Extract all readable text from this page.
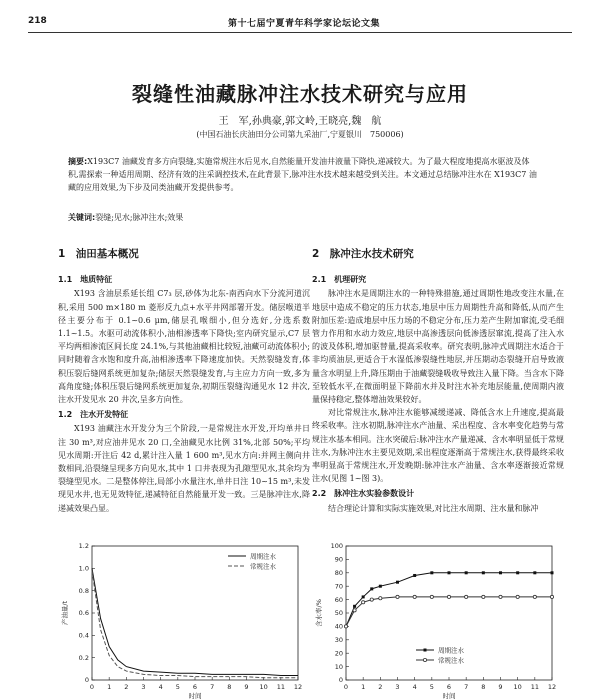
218	第十七届宁夏青年科学家论坛论文集
裂缝性油藏脉冲注水技术研究与应用
王　军,孙典豪,郭文岭,王晓亮,魏　航
(中国石油长庆油田分公司第九采油厂,宁夏银川　750006)
摘要:X193C7 油藏发育多方向裂缝,实施常规注水后见水,自然能量开发油井液量下降快,递减较大。为了最大程度地提高水驱波及体积,需探索一种适用周期、经济有效的注采调控技术,在此背景下,脉冲注水技术越来越受到关注。本文通过总结脉冲注水在 X193C7 油藏的应用效果,为下步及同类油藏开发提供参考。
关键词:裂缝;见水;脉冲注水;效果
1　油田基本概况
1.1　地质特征

X193 含油层系延长组 C7₃ 层,砂体为北东-南西向水下分流河道沉积,采用 500 m×180 m 菱形反九点+水平井网部署开发。储层喉道半径主要分布于 0.1~0.6 μm,储层孔喉细小,但分选好,分选系数 1.1~1.5。水驱可动流体积小,油相渗透率下降快;室内研究显示,C7 层平均两相渗流区间长度 24.1%,与其他油藏相比较短,油藏可动流体积小;同时随着含水饱和度升高,油相渗透率下降速度加快。天然裂缝发育,体积压裂后缝网系统更加复杂;储层天然裂缝发育,与主应力方向一致,多为高角度缝;体积压裂后缝网系统更加复杂,初期压裂缝沟通见水 12 井次,注水开发见水 20 井次,呈多方向性。

1.2　注水开发特征

X193 油藏注水开发分为三个阶段,一是常规注水开发,开均单井日注 30 m³,对应油井见水 20 口,全油藏见水比例 31%,北部 50%;平均见水周期:开注后 42 d,累计注入量 1 600 m³,见水方向:并网主侧向井数相同,沿裂缝呈现多方向见水,其中 1 口井表现为孔隙型见水,其余均为裂缝型见水。二是整体停注,局部小水量注水,单井日注 10~15 m³,未发现见水井,也无见效特征,递减特征自然能量开发一致。三是脉冲注水,降递减效果凸显。

2　脉冲注水技术研究
2.1　机理研究

脉冲注水是周期注水的一种特殊措施,通过周期性地改变注水量,在地层中造成不稳定的压力状态,地层中压力周期性升高和降低,从而产生附加压差:造成地层中压力场的不稳定分布,压力差产生附加窜流,受毛细管力作用和水动力效应,地层中高渗透层向低渗透层窜流,提高了注入水的波及体积,增加驱替量,提高采收率。研究表明,脉冲式周期注水适合于非均质油层,更适合于水湿低渗裂缝性地层,并压期动态裂缝开启导致液量含水明显上升,降压期由于油藏裂缝吸收导致注入量下降。当含水下降至较低水平,在微面明显下降前水并及时注水补充地层能量,使周期内液量保持稳定,整体增油效果较好。

对比常规注水,脉冲注水能够减缓递减、降低含水上升速度,提高最终采收率。注水初期,脉冲注水产油量、采出程度、含水率变化趋势与常规注水基本相同。注水突破后:脉冲注水产量递减、含水率明显低于常规注水,为脉冲注水主要见效期,采出程度逐渐高于常规注水,获得最终采收率明显高于常规注水,开发晚期:脉冲注水产油量、含水率逐渐接近常规注水(见图 1~图 3)。

2.2　脉冲注水实验参数设计

结合理论计算和实际实施效果,对比注水周期、注水量和脉冲

0 1 2 3 4 5 6 7 8 9 10 11 12
0
0.2
0.4
0.6
0.8
1.0
1.2
时间
产油量/t
周期注水
常规注水
0 1 2 3 4 5 6 7 8 9 10 11 12
0
10
20
30
40
50
60
70
80
90
100
时间
含水率/%
周期注水
常规注水
